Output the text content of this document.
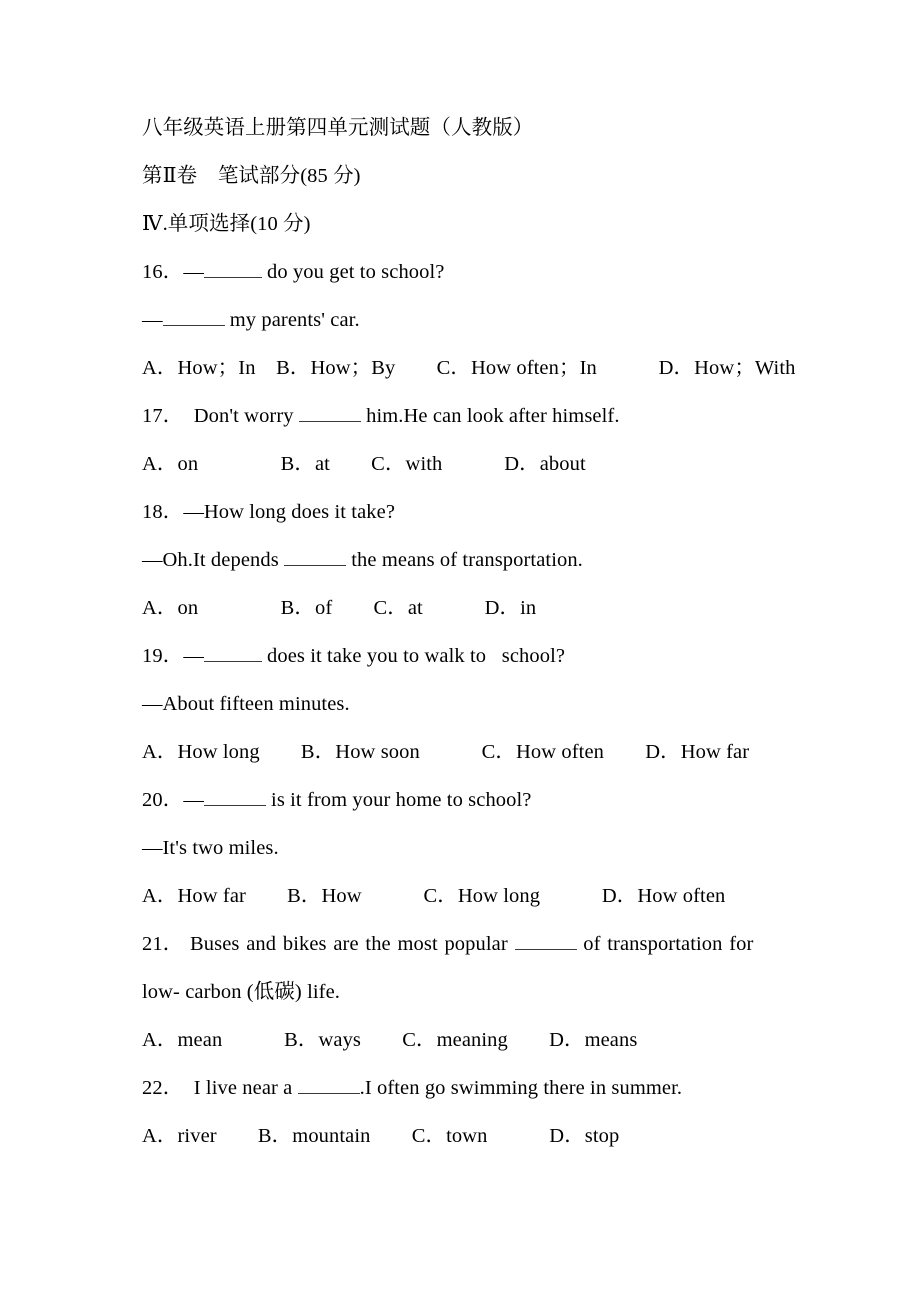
八年级英语上册第四单元测试题（人教版）
第Ⅱ卷　笔试部分(85 分)
Ⅳ.单项选择(10 分)
16．—	do you get to school?
—	my parents' car.
A．How；In　B．How；By　　C．How often；In　　　D．How；With
17．  Don't worry	him.He can look after himself.
A．on　　　　B．at　　C．with　　　D．about
18．—How long does it take?
—Oh.It depends	the means of transportation.
A．on　　　　B．of　　C．at　　　D．in
19．—	does it take you to walk to   school?
—About fifteen minutes.
A．How long　　B．How soon　　　C．How often　　D．How far
20．—	is it from your home to school?
—It's two miles.
A．How far　　B．How　　　C．How long　　　D．How often
21． Buses and bikes are the most popular	of transportation for
low- carbon (低碳) life.
A．mean　　　B．ways　　C．meaning　　D．means
22．  I live near a	.I often go swimming there in summer.
A．river　　B．mountain　　C．town　　　D．stop
